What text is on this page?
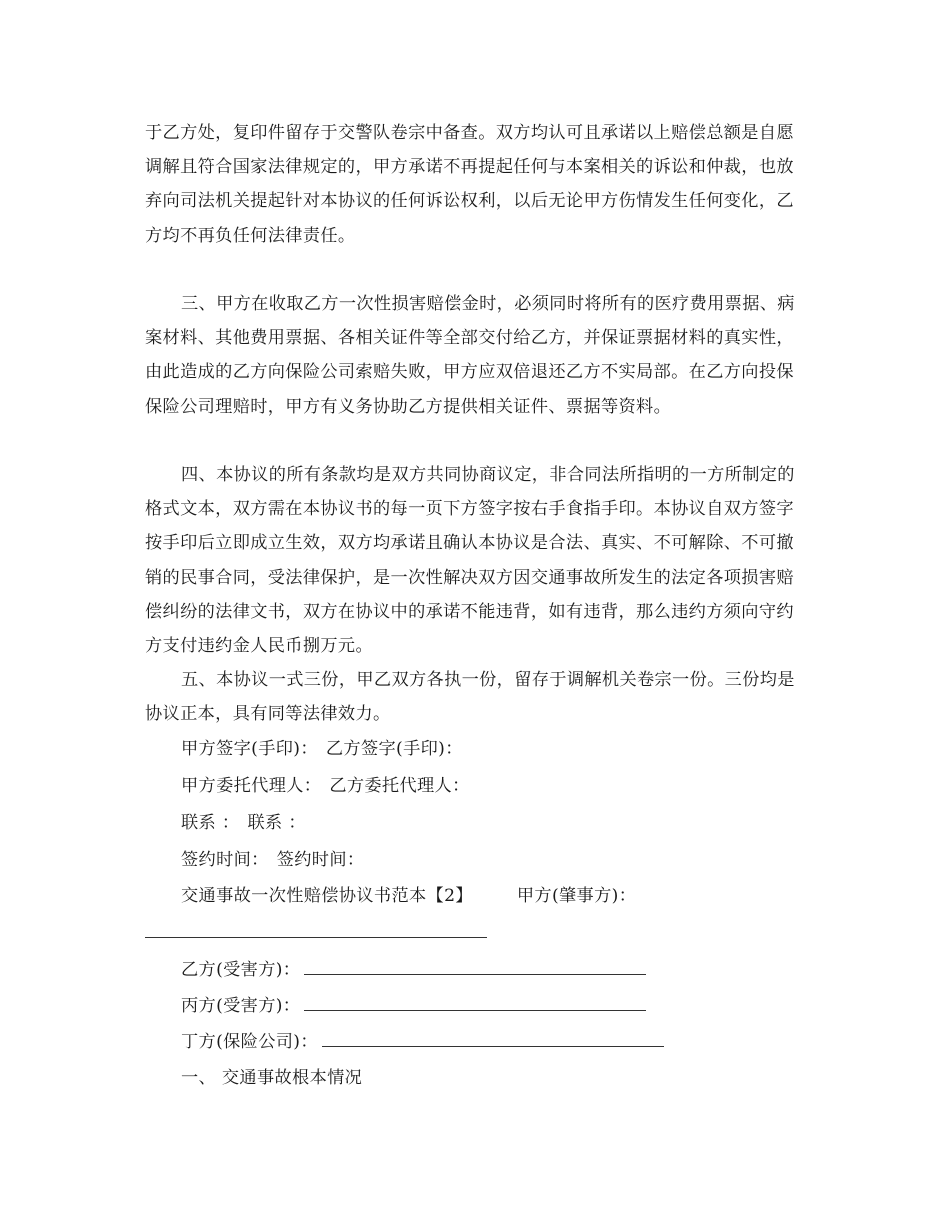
于乙方处，复印件留存于交警队卷宗中备查。双方均认可且承诺以上赔偿总额是自愿调解且符合国家法律规定的，甲方承诺不再提起任何与本案相关的诉讼和仲裁，也放弃向司法机关提起针对本协议的任何诉讼权利，以后无论甲方伤情发生任何变化，乙方均不再负任何法律责任。

三、甲方在收取乙方一次性损害赔偿金时，必须同时将所有的医疗费用票据、病案材料、其他费用票据、各相关证件等全部交付给乙方，并保证票据材料的真实性，由此造成的乙方向保险公司索赔失败，甲方应双倍退还乙方不实局部。在乙方向投保保险公司理赔时，甲方有义务协助乙方提供相关证件、票据等资料。

四、本协议的所有条款均是双方共同协商议定，非合同法所指明的一方所制定的格式文本，双方需在本协议书的每一页下方签字按右手食指手印。本协议自双方签字按手印后立即成立生效，双方均承诺且确认本协议是合法、真实、不可解除、不可撤销的民事合同，受法律保护，是一次性解决双方因交通事故所发生的法定各项损害赔偿纠纷的法律文书，双方在协议中的承诺不能违背，如有违背，那么违约方须向守约方支付违约金人民币捌万元。

五、本协议一式三份，甲乙双方各执一份，留存于调解机关卷宗一份。三份均是协议正本，具有同等法律效力。

甲方签字(手印)： 乙方签字(手印)：

甲方委托代理人： 乙方委托代理人：

联系 ： 联系 ：

签约时间： 签约时间：

交通事故一次性赔偿协议书范本【2】	甲方(肇事方)：

乙方(受害方)：

丙方(受害方)：

丁方(保险公司)：

一、 交通事故根本情况
